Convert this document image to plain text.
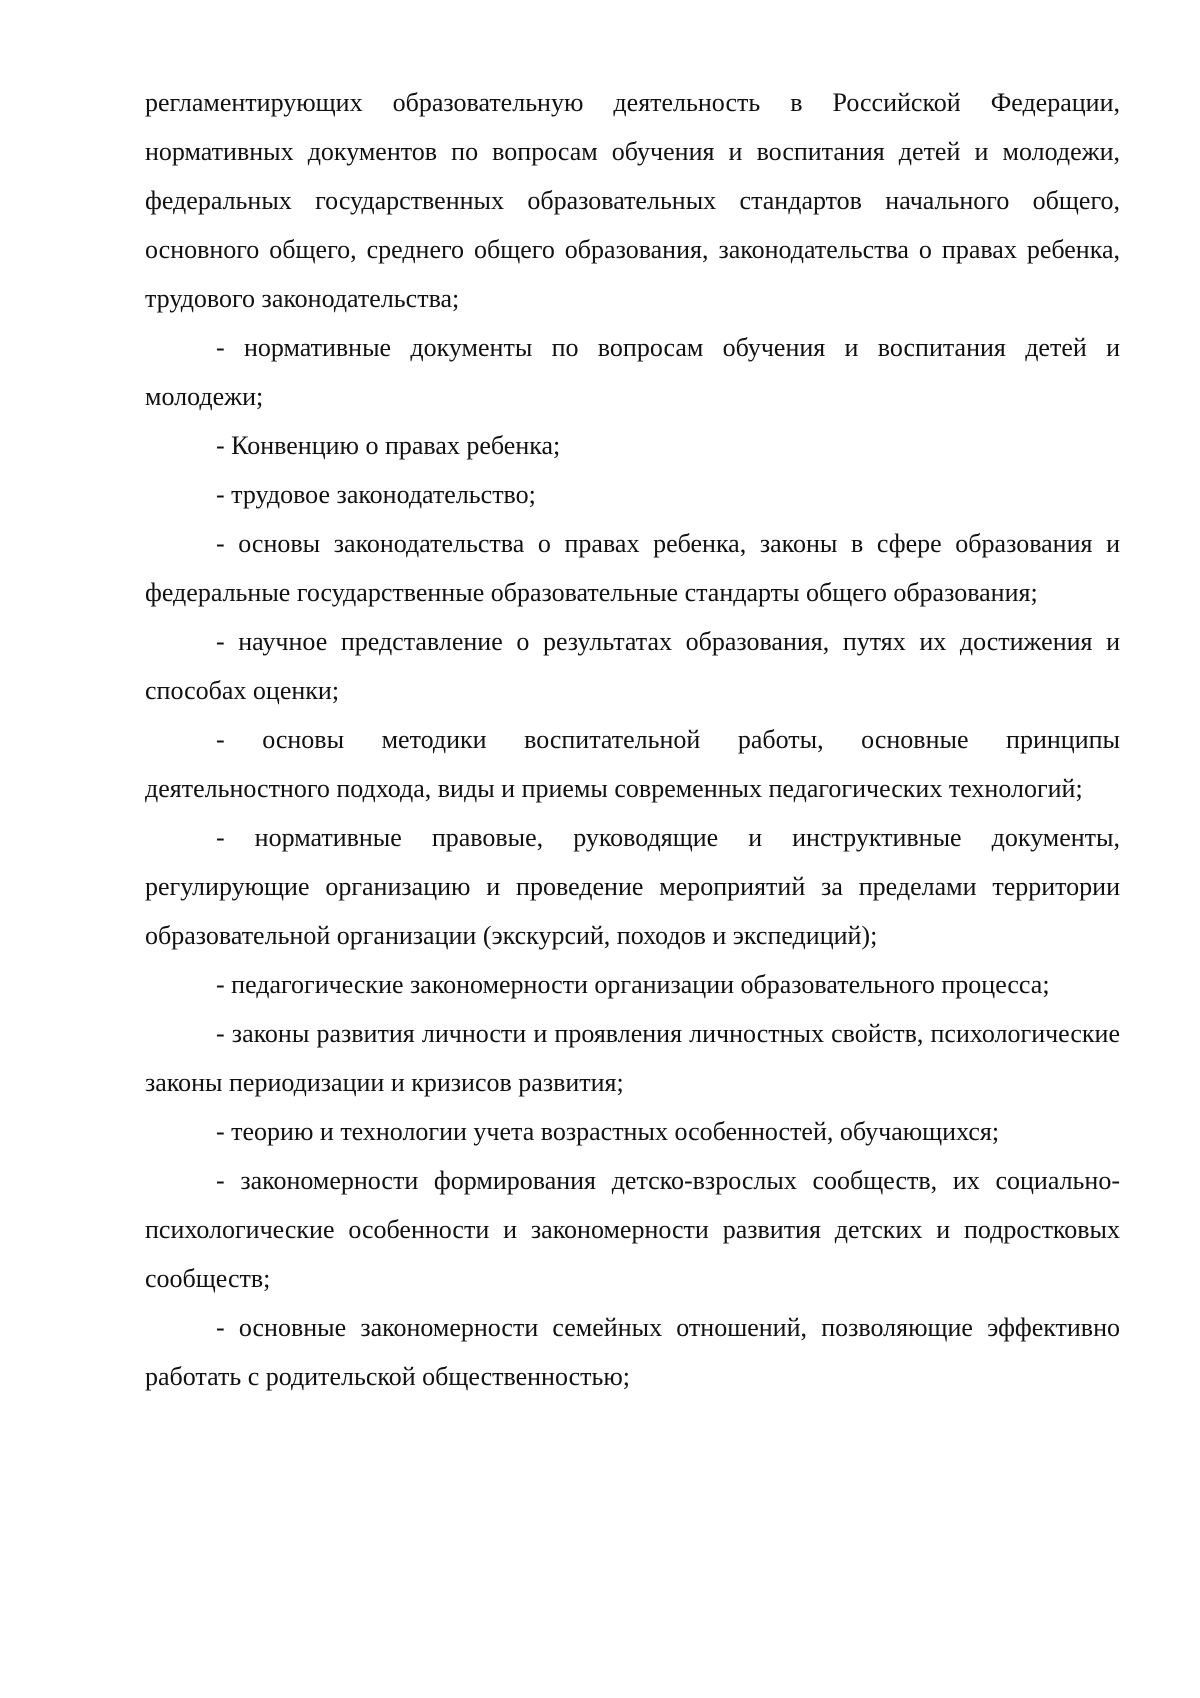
регламентирующих образовательную деятельность в Российской Федерации, нормативных документов по вопросам обучения и воспитания детей и молодежи, федеральных государственных образовательных стандартов начального общего, основного общего, среднего общего образования, законодательства о правах ребенка, трудового законодательства;

- нормативные документы по вопросам обучения и воспитания детей и молодежи;

- Конвенцию о правах ребенка;

- трудовое законодательство;

- основы законодательства о правах ребенка, законы в сфере образования и федеральные государственные образовательные стандарты общего образования;

- научное представление о результатах образования, путях их достижения и способах оценки;

- основы методики воспитательной работы, основные принципы деятельностного подхода, виды и приемы современных педагогических технологий;

- нормативные правовые, руководящие и инструктивные документы, регулирующие организацию и проведение мероприятий за пределами территории образовательной организации (экскурсий, походов и экспедиций);

- педагогические закономерности организации образовательного процесса;

- законы развития личности и проявления личностных свойств, психологические законы периодизации и кризисов развития;

- теорию и технологии учета возрастных особенностей, обучающихся;

- закономерности формирования детско-взрослых сообществ, их социально-психологические особенности и закономерности развития детских и подростковых сообществ;

- основные закономерности семейных отношений, позволяющие эффективно работать с родительской общественностью;
